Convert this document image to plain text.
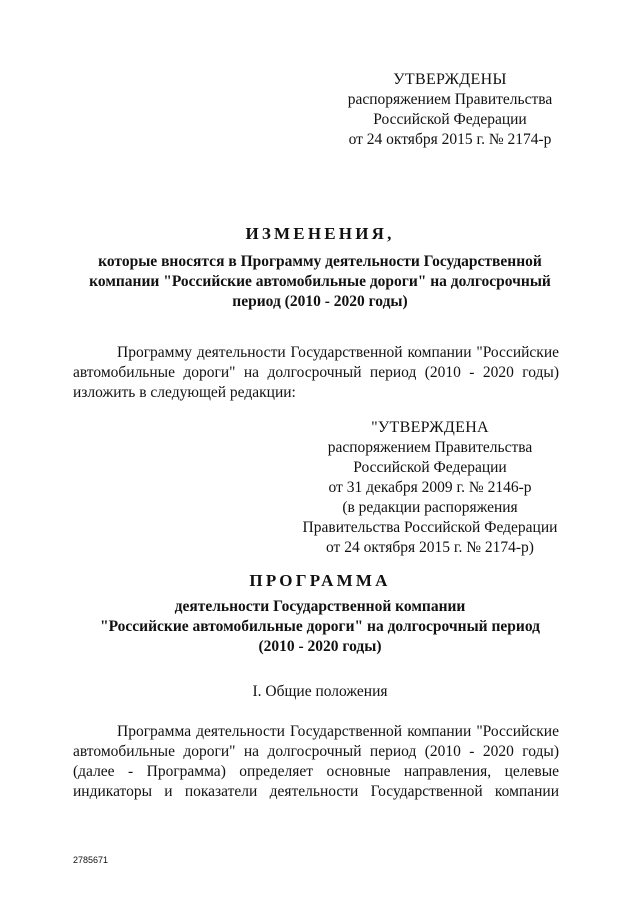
УТВЕРЖДЕНЫ
распоряжением Правительства
Российской Федерации
от 24 октября 2015 г. № 2174-р
ИЗМЕНЕНИЯ,
которые вносятся в Программу деятельности Государственной
компании "Российские автомобильные дороги" на долгосрочный
период (2010 - 2020 годы)
Программу деятельности Государственной компании "Российские
автомобильные дороги" на долгосрочный период (2010 - 2020 годы)
изложить в следующей редакции:
"УТВЕРЖДЕНА
распоряжением Правительства
Российской Федерации
от 31 декабря 2009 г. № 2146-р
(в редакции распоряжения
Правительства Российской Федерации
от 24 октября 2015 г. № 2174-р)
ПРОГРАММА
деятельности Государственной компании
"Российские автомобильные дороги" на долгосрочный период
(2010 - 2020 годы)
I. Общие положения
Программа деятельности Государственной компании "Российские
автомобильные дороги" на долгосрочный период (2010 - 2020 годы)
(далее - Программа) определяет основные направления, целевые
индикаторы и показатели деятельности Государственной компании
2785671
